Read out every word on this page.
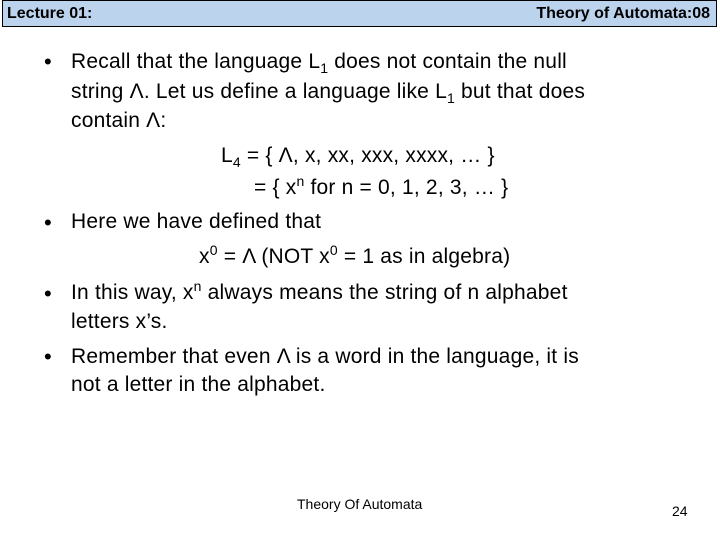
Lecture 01:	Theory of Automata:08
• Recall that the language $L_1$ does not contain the null
string Λ. Let us define a language like $L_1$ but that does
contain Λ:
$L_4$ = { Λ, x, xx, xxx, xxxx, … }
= { $x^n$ for n = 0, 1, 2, 3, … }
• Here we have defined that
$x^0 = \Lambda$ (NOT $x^0 = 1$ as in algebra)
• In this way, $x^n$ always means the string of n alphabet
letters x’s.
• Remember that even Λ is a word in the language, it is
not a letter in the alphabet.
Theory Of Automata	24
